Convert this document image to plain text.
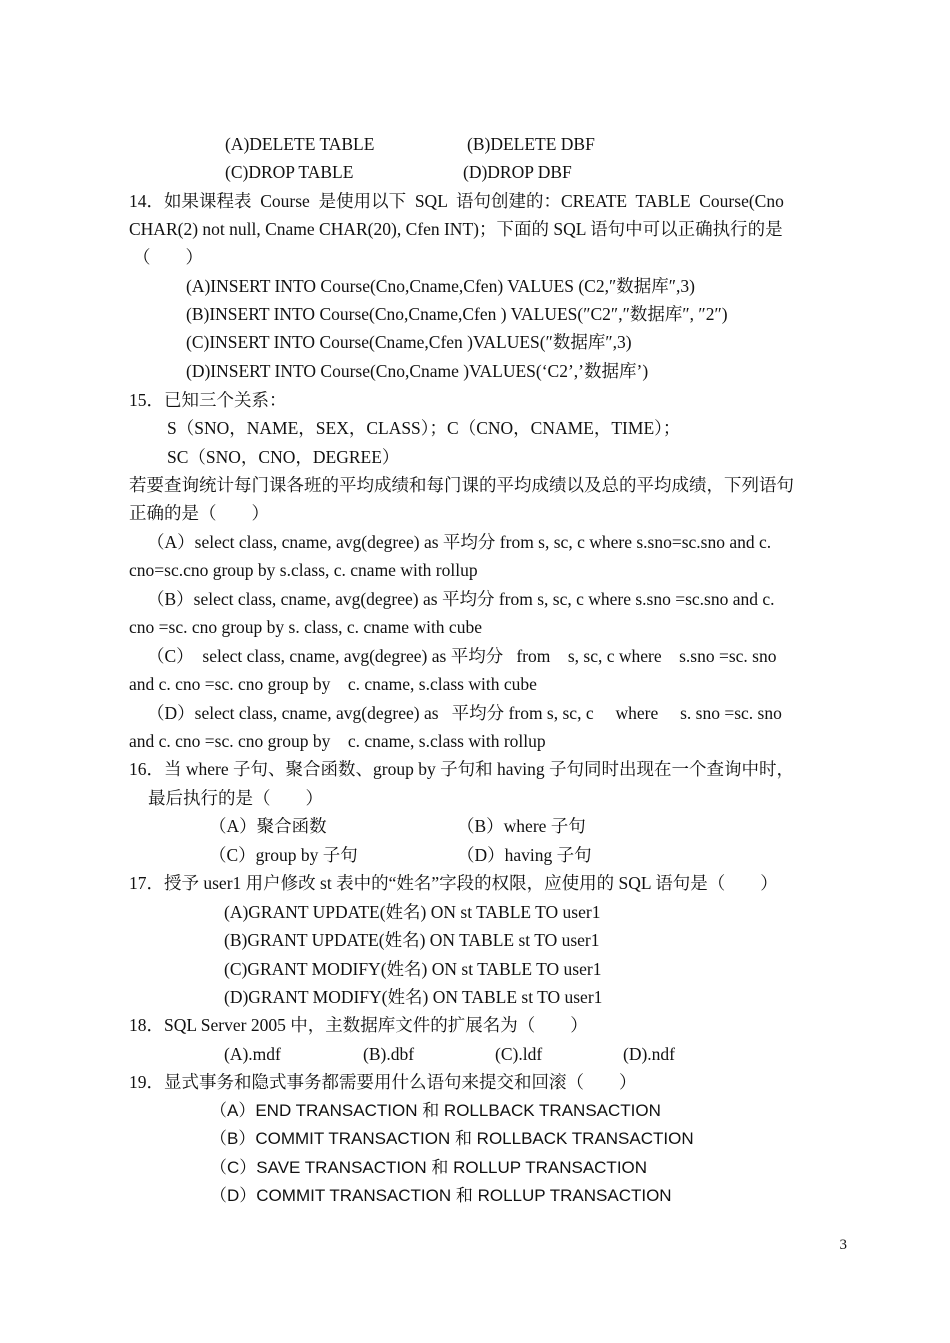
(A)DELETE TABLE	(B)DELETE DBF
(C)DROP TABLE	(D)DROP DBF
14．如果课程表  Course  是使用以下  SQL  语句创建的：CREATE  TABLE  Course(Cno
CHAR(2) not null, Cname CHAR(20), Cfen INT)；下面的 SQL 语句中可以正确执行的是
（        ）
(A)INSERT INTO Course(Cno,Cname,Cfen) VALUES (C2,″数据库″,3)
(B)INSERT INTO Course(Cno,Cname,Cfen ) VALUES(″C2″,″数据库″, ″2″)
(C)INSERT INTO Course(Cname,Cfen )VALUES(″数据库″,3)
(D)INSERT INTO Course(Cno,Cname )VALUES(‘C2’,’数据库’)
15．已知三个关系：
S（SNO，NAME，SEX，CLASS）；C（CNO，CNAME，TIME）；
SC（SNO，CNO，DEGREE）
若要查询统计每门课各班的平均成绩和每门课的平均成绩以及总的平均成绩，下列语句
正确的是（        ）
（A）select class, cname, avg(degree) as 平均分 from s, sc, c where s.sno=sc.sno and c.
cno=sc.cno group by s.class, c. cname with rollup
（B）select class, cname, avg(degree) as 平均分 from s, sc, c where s.sno =sc.sno and c.
cno =sc. cno group by s. class, c. cname with cube
（C）  select class, cname, avg(degree) as 平均分   from    s, sc, c where    s.sno =sc. sno
and c. cno =sc. cno group by    c. cname, s.class with cube
（D）select class, cname, avg(degree) as   平均分 from s, sc, c     where     s. sno =sc. sno
and c. cno =sc. cno group by    c. cname, s.class with rollup
16．当 where 子句、聚合函数、group by 子句和 having 子句同时出现在一个查询中时，
最后执行的是（        ）
（A）聚合函数	（B）where 子句
（C）group by 子句	（D）having 子句
17．授予 user1 用户修改 st 表中的“姓名”字段的权限，应使用的 SQL 语句是（        ）
(A)GRANT UPDATE(姓名) ON st TABLE TO user1
(B)GRANT UPDATE(姓名) ON TABLE st TO user1
(C)GRANT MODIFY(姓名) ON st TABLE TO user1
(D)GRANT MODIFY(姓名) ON TABLE st TO user1
18．SQL Server 2005 中，主数据库文件的扩展名为（        ）
(A).mdf	(B).dbf	(C).ldf	(D).ndf
19．显式事务和隐式事务都需要用什么语句来提交和回滚（        ）
（A）END TRANSACTION 和 ROLLBACK TRANSACTION
（B）COMMIT TRANSACTION 和 ROLLBACK TRANSACTION
（C）SAVE TRANSACTION 和 ROLLUP TRANSACTION
（D）COMMIT TRANSACTION 和 ROLLUP TRANSACTION
3
